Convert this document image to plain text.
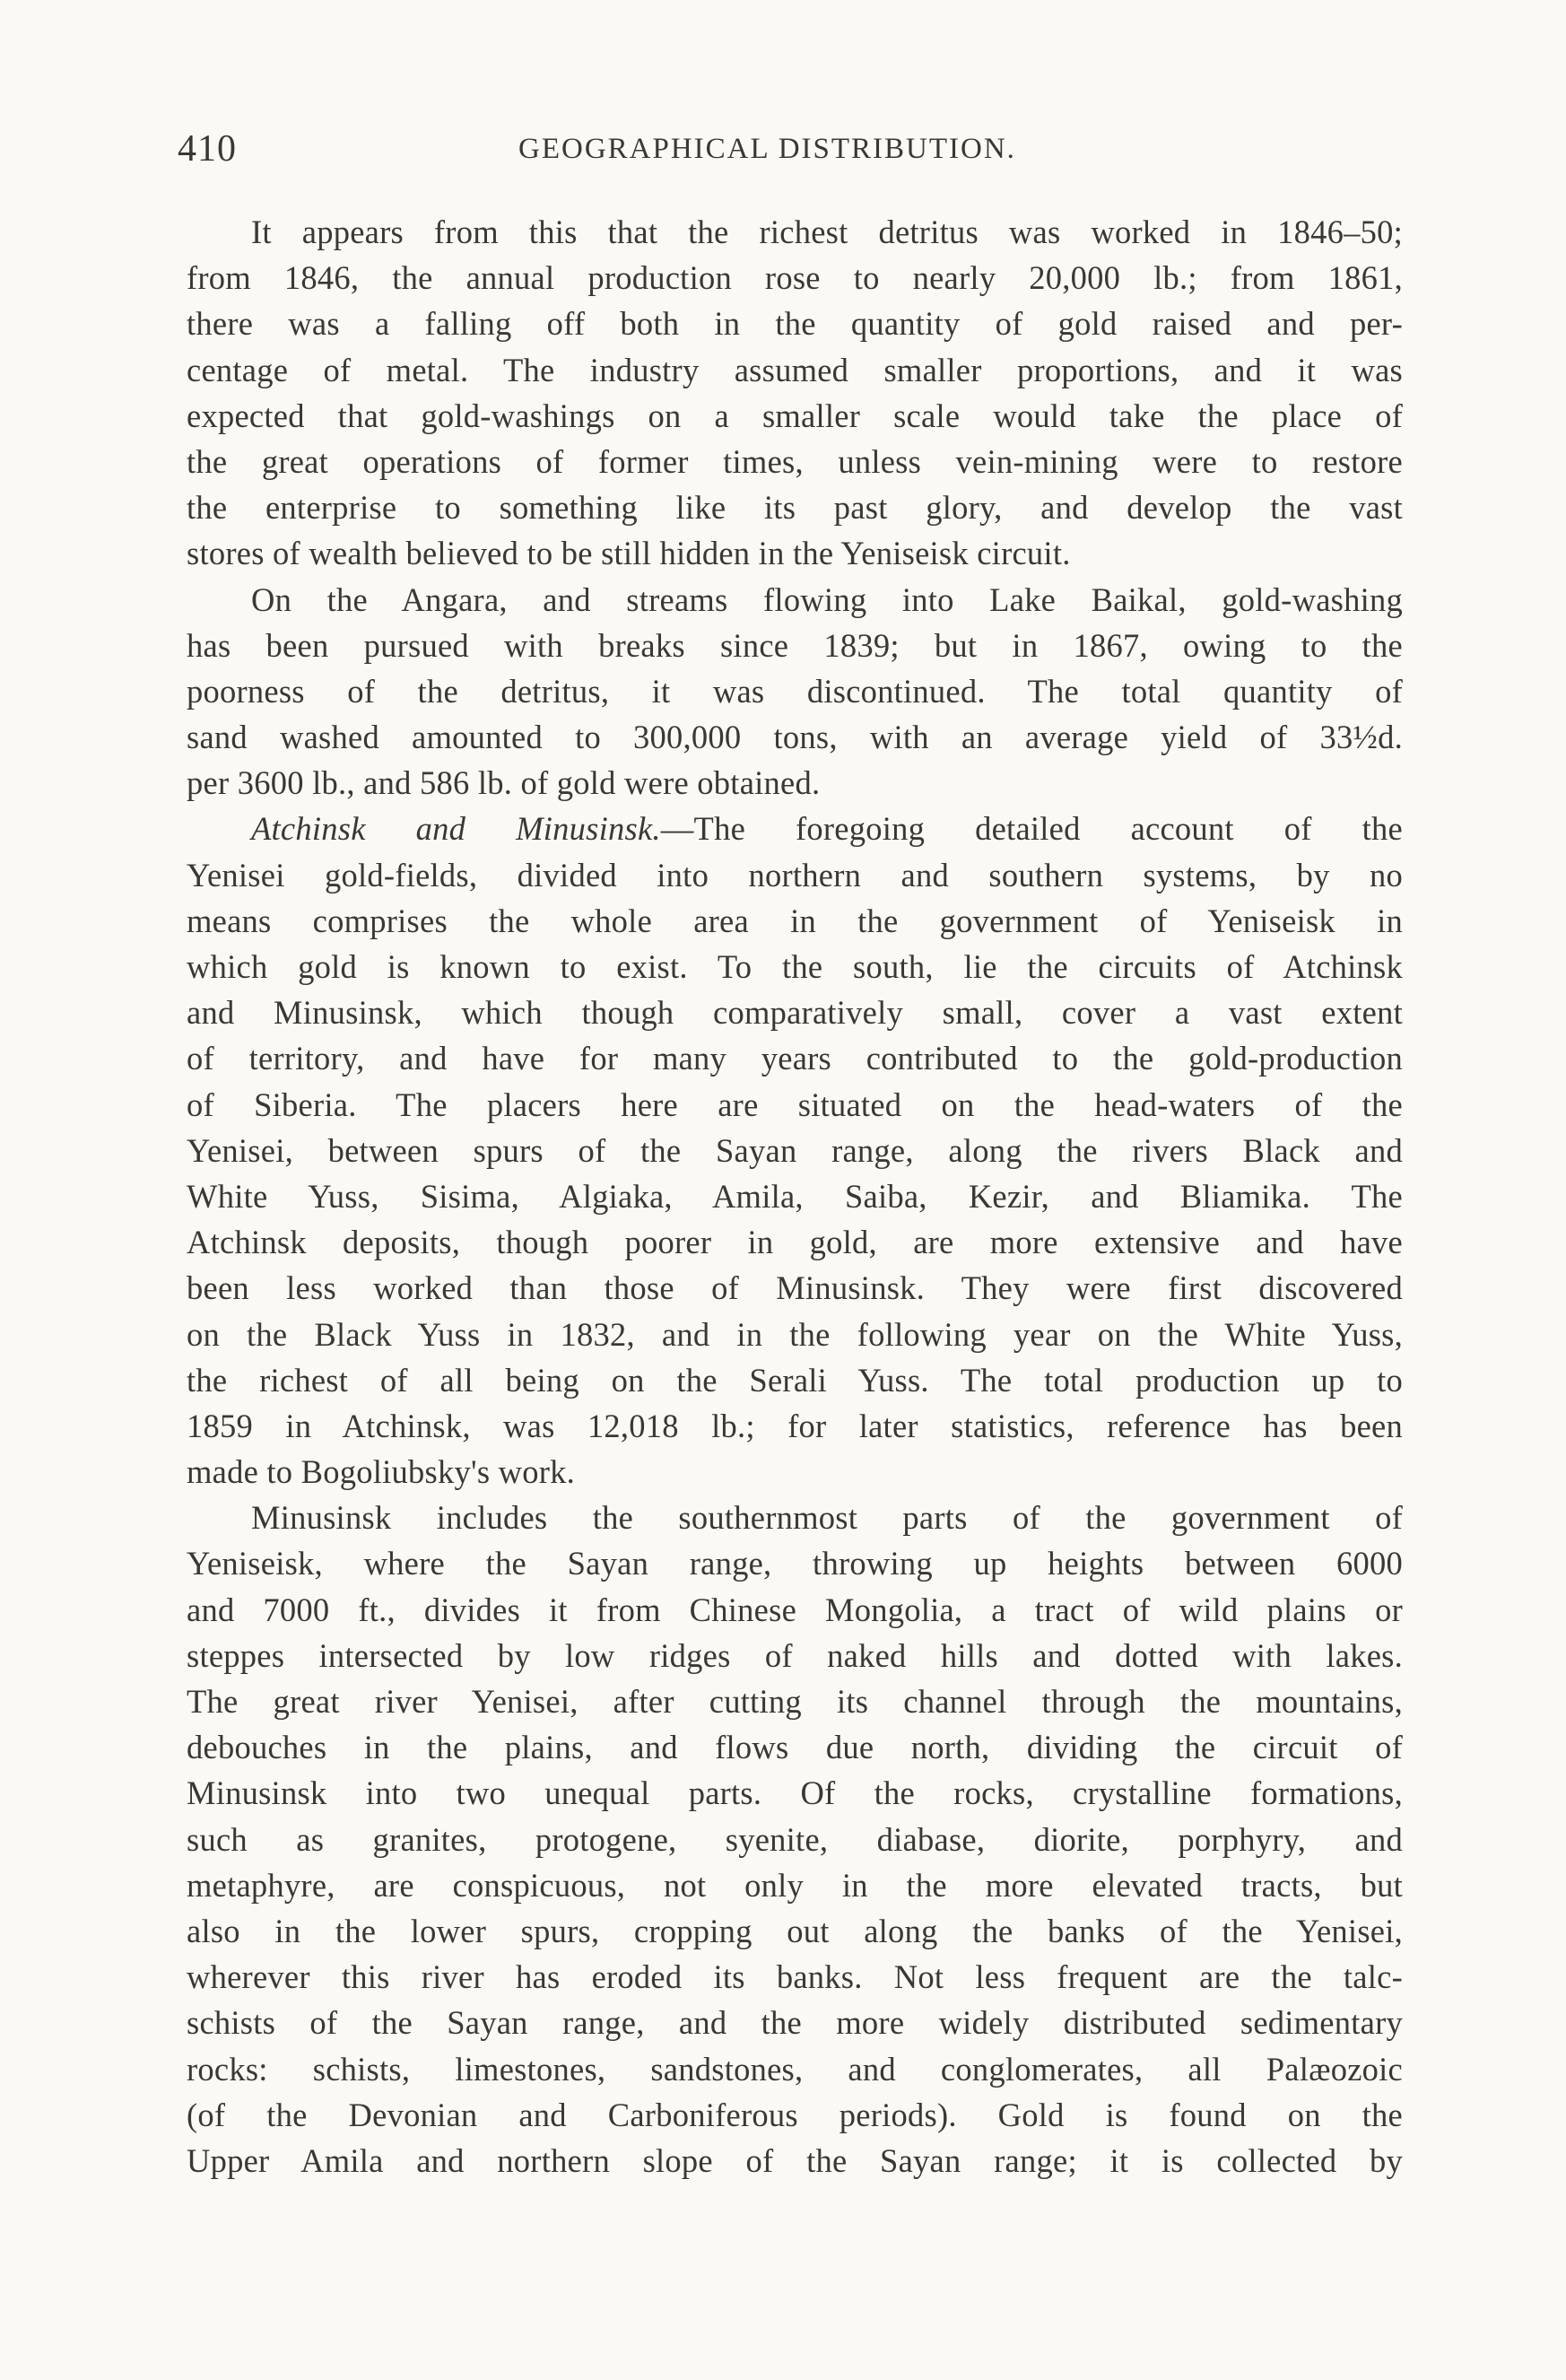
410	GEOGRAPHICAL DISTRIBUTION.
It appears from this that the richest detritus was worked in 1846–50;
from 1846, the annual production rose to nearly 20,000 lb.; from 1861,
there was a falling off both in the quantity of gold raised and per-
centage of metal. The industry assumed smaller proportions, and it was
expected that gold-washings on a smaller scale would take the place of
the great operations of former times, unless vein-mining were to restore
the enterprise to something like its past glory, and develop the vast
stores of wealth believed to be still hidden in the Yeniseisk circuit.
On the Angara, and streams flowing into Lake Baikal, gold-washing
has been pursued with breaks since 1839; but in 1867, owing to the
poorness of the detritus, it was discontinued. The total quantity of
sand washed amounted to 300,000 tons, with an average yield of 33½d.
per 3600 lb., and 586 lb. of gold were obtained.
Atchinsk and Minusinsk.—The foregoing detailed account of the
Yenisei gold-fields, divided into northern and southern systems, by no
means comprises the whole area in the government of Yeniseisk in
which gold is known to exist. To the south, lie the circuits of Atchinsk
and Minusinsk, which though comparatively small, cover a vast extent
of territory, and have for many years contributed to the gold-production
of Siberia. The placers here are situated on the head-waters of the
Yenisei, between spurs of the Sayan range, along the rivers Black and
White Yuss, Sisima, Algiaka, Amila, Saiba, Kezir, and Bliamika. The
Atchinsk deposits, though poorer in gold, are more extensive and have
been less worked than those of Minusinsk. They were first discovered
on the Black Yuss in 1832, and in the following year on the White Yuss,
the richest of all being on the Serali Yuss. The total production up to
1859 in Atchinsk, was 12,018 lb.; for later statistics, reference has been
made to Bogoliubsky's work.
Minusinsk includes the southernmost parts of the government of
Yeniseisk, where the Sayan range, throwing up heights between 6000
and 7000 ft., divides it from Chinese Mongolia, a tract of wild plains or
steppes intersected by low ridges of naked hills and dotted with lakes.
The great river Yenisei, after cutting its channel through the mountains,
debouches in the plains, and flows due north, dividing the circuit of
Minusinsk into two unequal parts. Of the rocks, crystalline formations,
such as granites, protogene, syenite, diabase, diorite, porphyry, and
metaphyre, are conspicuous, not only in the more elevated tracts, but
also in the lower spurs, cropping out along the banks of the Yenisei,
wherever this river has eroded its banks. Not less frequent are the talc-
schists of the Sayan range, and the more widely distributed sedimentary
rocks: schists, limestones, sandstones, and conglomerates, all Palæozoic
(of the Devonian and Carboniferous periods). Gold is found on the
Upper Amila and northern slope of the Sayan range; it is collected by
